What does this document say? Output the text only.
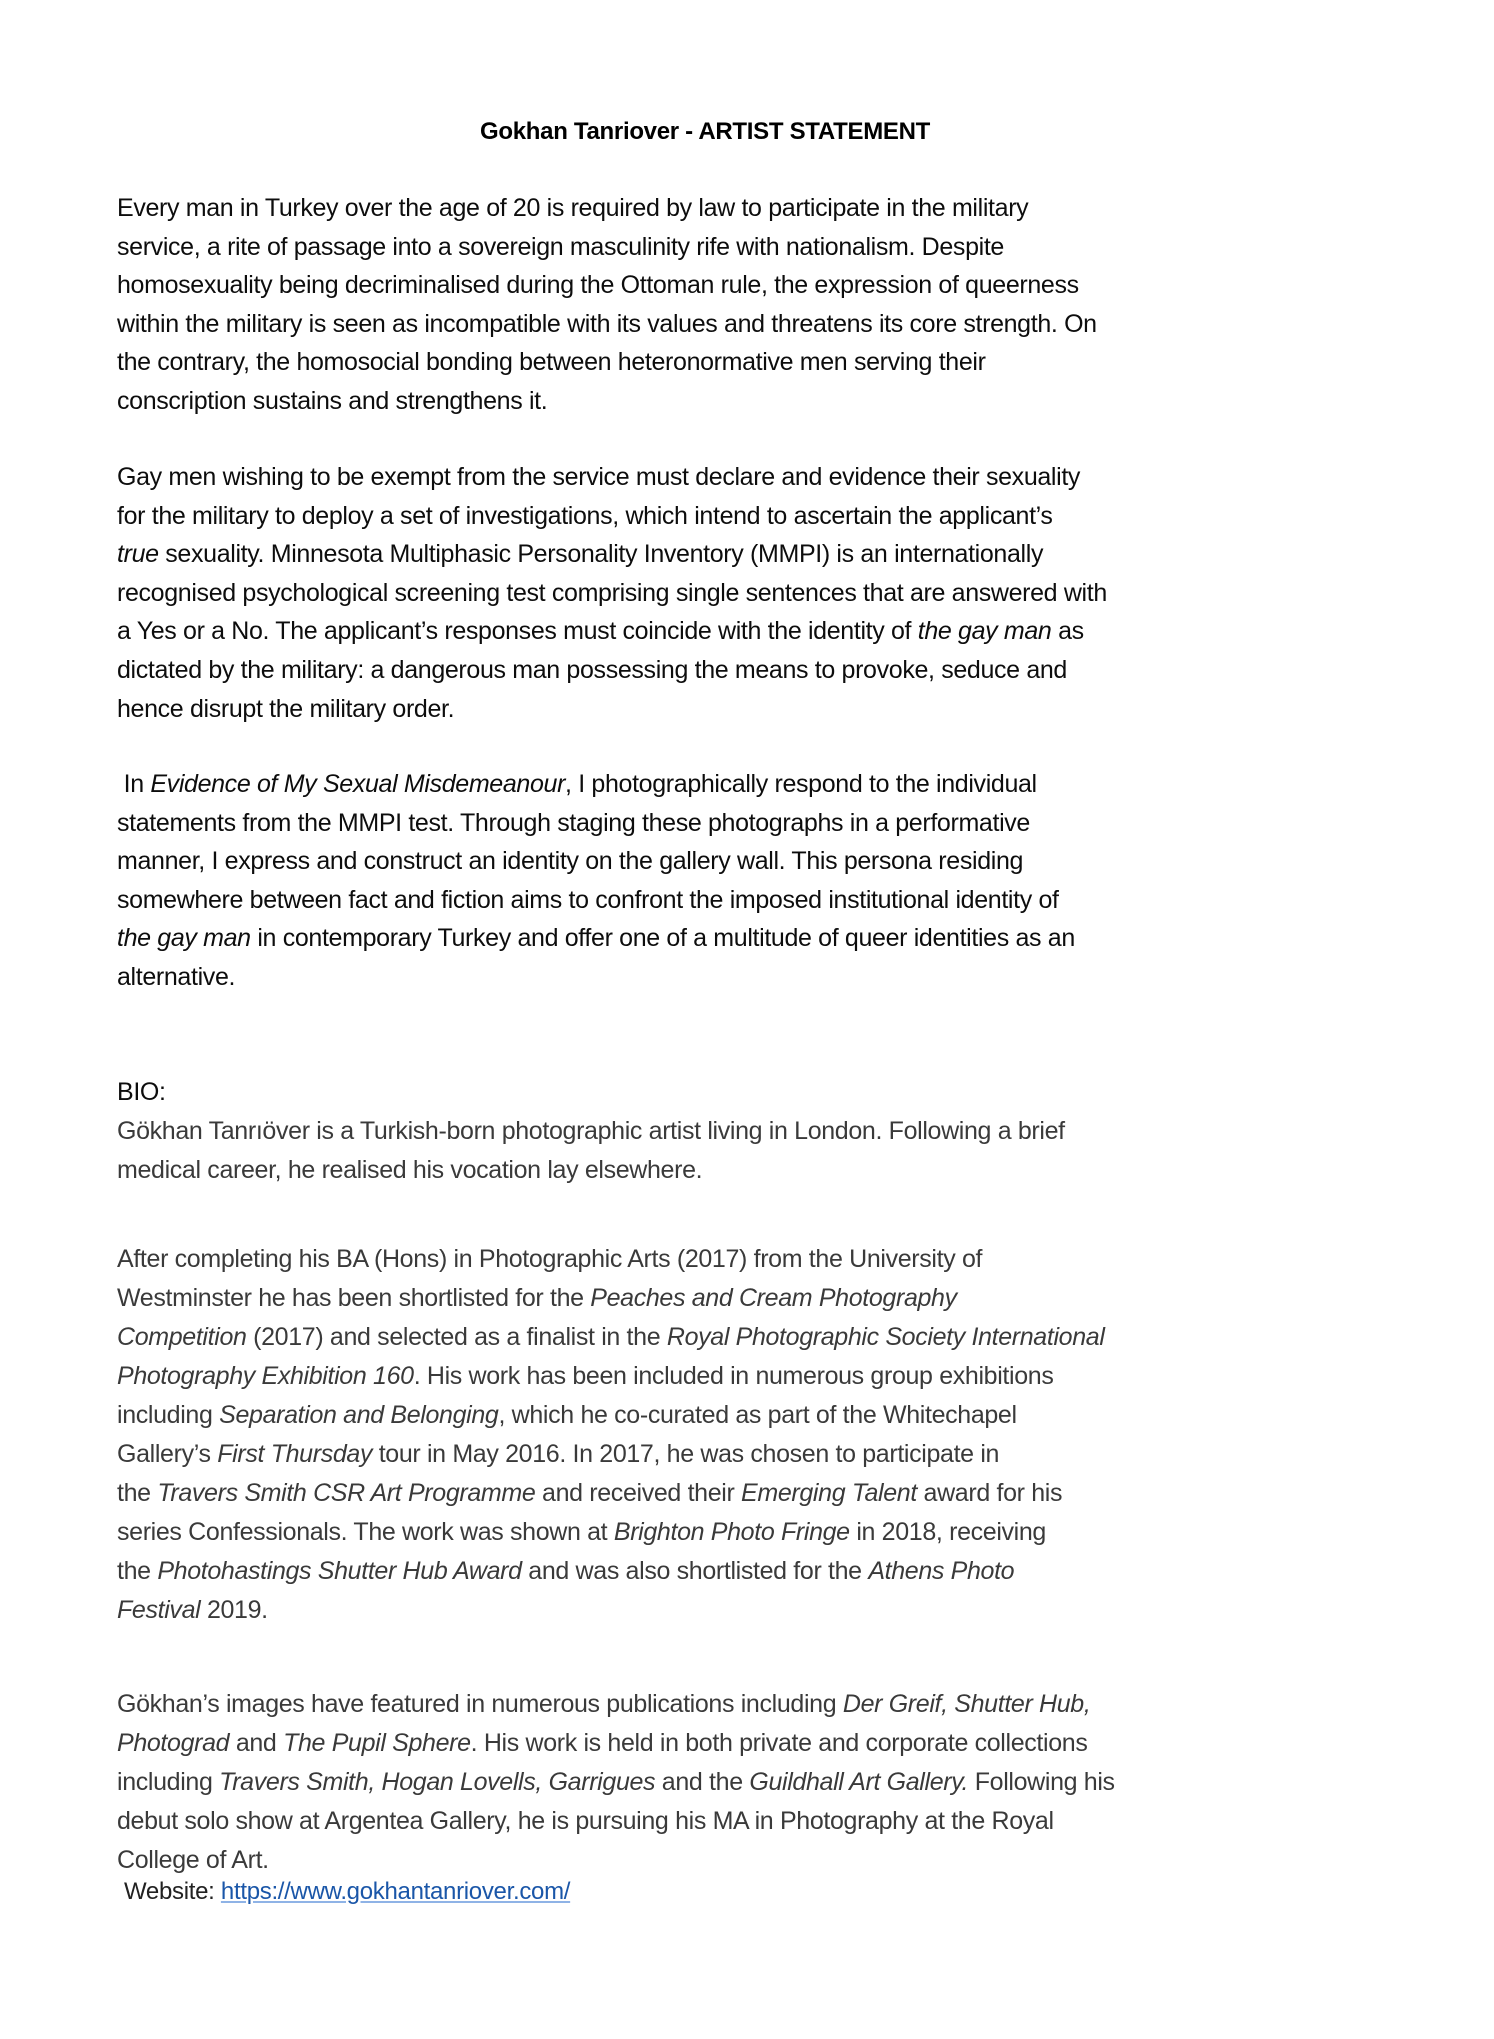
Gokhan Tanriover - ARTIST STATEMENT
Every man in Turkey over the age of 20 is required by law to participate in the military
service, a rite of passage into a sovereign masculinity rife with nationalism. Despite
homosexuality being decriminalised during the Ottoman rule, the expression of queerness
within the military is seen as incompatible with its values and threatens its core strength. On
the contrary, the homosocial bonding between heteronormative men serving their
conscription sustains and strengthens it.
Gay men wishing to be exempt from the service must declare and evidence their sexuality
for the military to deploy a set of investigations, which intend to ascertain the applicant’s
true sexuality. Minnesota Multiphasic Personality Inventory (MMPI) is an internationally
recognised psychological screening test comprising single sentences that are answered with
a Yes or a No. The applicant’s responses must coincide with the identity of the gay man as
dictated by the military: a dangerous man possessing the means to provoke, seduce and
hence disrupt the military order.
In Evidence of My Sexual Misdemeanour, I photographically respond to the individual
statements from the MMPI test. Through staging these photographs in a performative
manner, I express and construct an identity on the gallery wall. This persona residing
somewhere between fact and fiction aims to confront the imposed institutional identity of
the gay man in contemporary Turkey and offer one of a multitude of queer identities as an
alternative.
BIO:
Gökhan Tanrıöver is a Turkish-born photographic artist living in London. Following a brief
medical career, he realised his vocation lay elsewhere.
After completing his BA (Hons) in Photographic Arts (2017) from the University of
Westminster he has been shortlisted for the Peaches and Cream Photography
Competition (2017) and selected as a finalist in the Royal Photographic Society International
Photography Exhibition 160. His work has been included in numerous group exhibitions
including Separation and Belonging, which he co-curated as part of the Whitechapel
Gallery’s First Thursday tour in May 2016. In 2017, he was chosen to participate in
the Travers Smith CSR Art Programme and received their Emerging Talent award for his
series Confessionals. The work was shown at Brighton Photo Fringe in 2018, receiving
the Photohastings Shutter Hub Award and was also shortlisted for the Athens Photo
Festival 2019.
Gökhan’s images have featured in numerous publications including Der Greif, Shutter Hub,
Photograd and The Pupil Sphere. His work is held in both private and corporate collections
including Travers Smith, Hogan Lovells, Garrigues and the Guildhall Art Gallery. Following his
debut solo show at Argentea Gallery, he is pursuing his MA in Photography at the Royal
College of Art.
Website: https://www.gokhantanriover.com/
